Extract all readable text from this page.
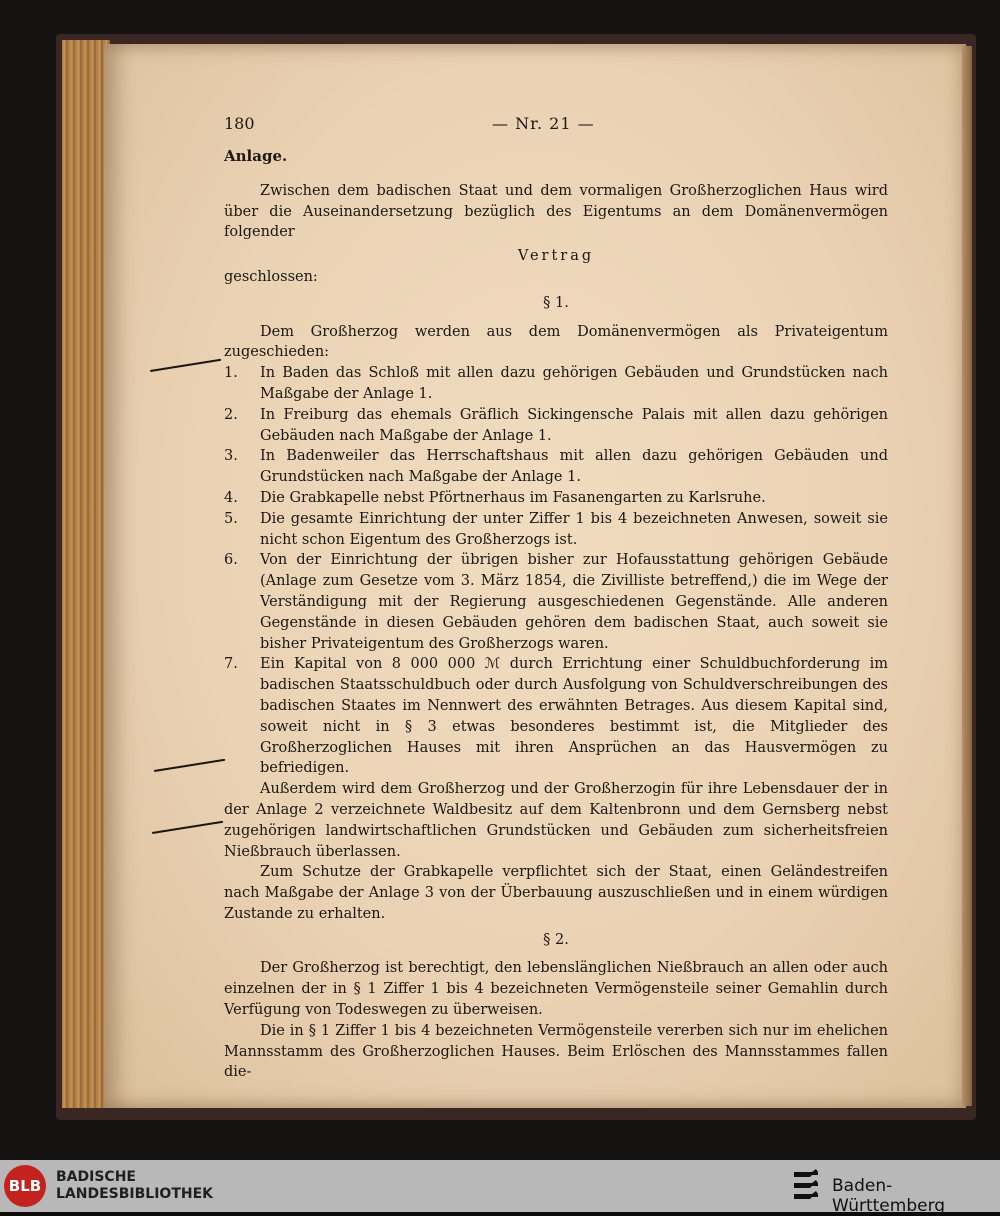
180	— Nr. 21 —
Anlage.

Zwischen dem badischen Staat und dem vormaligen Großherzoglichen Haus wird über die Auseinandersetzung bezüglich des Eigentums an dem Domänenvermögen folgender

Vertrag

geschlossen:

§ 1.

Dem Großherzog werden aus dem Domänenvermögen als Privateigentum zugeschieden:

1.	In Baden das Schloß mit allen dazu gehörigen Gebäuden und Grundstücken nach Maßgabe der Anlage 1.
2.	In Freiburg das ehemals Gräflich Sickingensche Palais mit allen dazu gehörigen Gebäuden nach Maßgabe der Anlage 1.
3.	In Badenweiler das Herrschaftshaus mit allen dazu gehörigen Gebäuden und Grundstücken nach Maßgabe der Anlage 1.
4.	Die Grabkapelle nebst Pförtnerhaus im Fasanengarten zu Karlsruhe.
5.	Die gesamte Einrichtung der unter Ziffer 1 bis 4 bezeichneten Anwesen, soweit sie nicht schon Eigentum des Großherzogs ist.
6.	Von der Einrichtung der übrigen bisher zur Hofausstattung gehörigen Gebäude (Anlage zum Gesetze vom 3. März 1854, die Zivilliste betreffend,) die im Wege der Verständigung mit der Regierung ausgeschiedenen Gegenstände. Alle anderen Gegenstände in diesen Gebäuden gehören dem badischen Staat, auch soweit sie bisher Privateigentum des Großherzogs waren.
7.	Ein Kapital von 8 000 000 ℳ durch Errichtung einer Schuldbuchforderung im badischen Staatsschuldbuch oder durch Ausfolgung von Schuldverschreibungen des badischen Staates im Nennwert des erwähnten Betrages. Aus diesem Kapital sind, soweit nicht in § 3 etwas besonderes bestimmt ist, die Mitglieder des Großherzoglichen Hauses mit ihren Ansprüchen an das Hausvermögen zu befriedigen.

Außerdem wird dem Großherzog und der Großherzogin für ihre Lebensdauer der in der Anlage 2 verzeichnete Waldbesitz auf dem Kaltenbronn und dem Gernsberg nebst zugehörigen landwirtschaftlichen Grundstücken und Gebäuden zum sicherheitsfreien Nießbrauch überlassen.

Zum Schutze der Grabkapelle verpflichtet sich der Staat, einen Geländestreifen nach Maßgabe der Anlage 3 von der Überbauung auszuschließen und in einem würdigen Zustande zu erhalten.

§ 2.

Der Großherzog ist berechtigt, den lebenslänglichen Nießbrauch an allen oder auch einzelnen der in § 1 Ziffer 1 bis 4 bezeichneten Vermögensteile seiner Gemahlin durch Verfügung von Todeswegen zu überweisen.

Die in § 1 Ziffer 1 bis 4 bezeichneten Vermögensteile vererben sich nur im ehelichen Mannsstamm des Großherzoglichen Hauses. Beim Erlöschen des Mannsstammes fallen die-

BLB	BADISCHE
LANDESBIBLIOTHEK	Baden-Württemberg
